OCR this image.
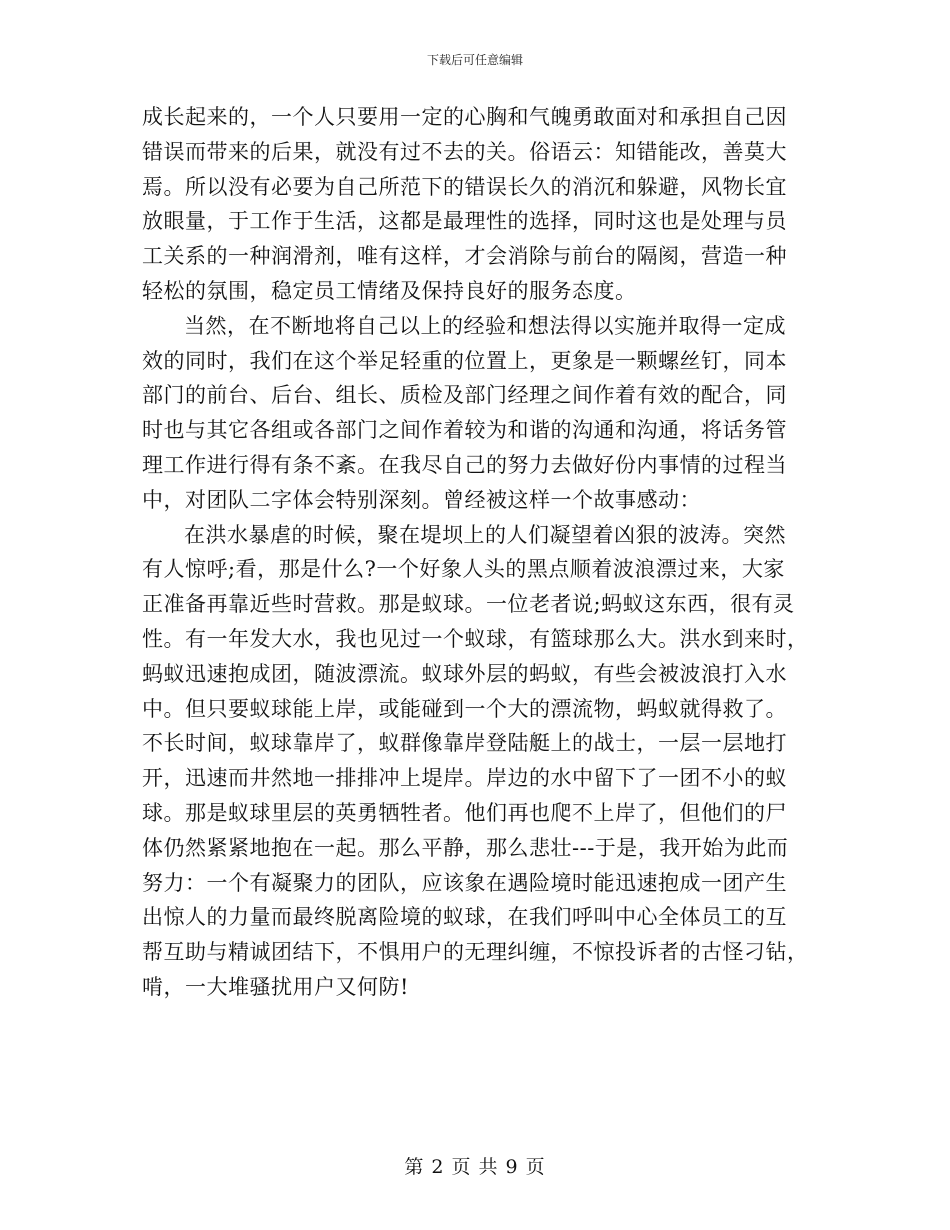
下载后可任意编辑
成长起来的，一个人只要用一定的心胸和气魄勇敢面对和承担自己因
错误而带来的后果，就没有过不去的关。俗语云：知错能改，善莫大
焉。所以没有必要为自己所范下的错误长久的消沉和躲避，风物长宜
放眼量，于工作于生活，这都是最理性的选择，同时这也是处理与员
工关系的一种润滑剂，唯有这样，才会消除与前台的隔阂，营造一种
轻松的氛围，稳定员工情绪及保持良好的服务态度。
当然，在不断地将自己以上的经验和想法得以实施并取得一定成
效的同时，我们在这个举足轻重的位置上，更象是一颗螺丝钉，同本
部门的前台、后台、组长、质检及部门经理之间作着有效的配合，同
时也与其它各组或各部门之间作着较为和谐的沟通和沟通，将话务管
理工作进行得有条不紊。在我尽自己的努力去做好份内事情的过程当
中，对团队二字体会特别深刻。曾经被这样一个故事感动：
在洪水暴虐的时候，聚在堤坝上的人们凝望着凶狠的波涛。突然
有人惊呼;看，那是什么?一个好象人头的黑点顺着波浪漂过来，大家
正准备再靠近些时营救。那是蚁球。一位老者说;蚂蚁这东西，很有灵
性。有一年发大水，我也见过一个蚁球，有篮球那么大。洪水到来时，
蚂蚁迅速抱成团，随波漂流。蚁球外层的蚂蚁，有些会被波浪打入水
中。但只要蚁球能上岸，或能碰到一个大的漂流物，蚂蚁就得救了。
不长时间，蚁球靠岸了，蚁群像靠岸登陆艇上的战士，一层一层地打
开，迅速而井然地一排排冲上堤岸。岸边的水中留下了一团不小的蚁
球。那是蚁球里层的英勇牺牲者。他们再也爬不上岸了，但他们的尸
体仍然紧紧地抱在一起。那么平静，那么悲壮---于是，我开始为此而
努力：一个有凝聚力的团队，应该象在遇险境时能迅速抱成一团产生
出惊人的力量而最终脱离险境的蚁球，在我们呼叫中心全体员工的互
帮互助与精诚团结下，不惧用户的无理纠缠，不惊投诉者的古怪刁钻，
啃，一大堆骚扰用户又何防!
第 2 页 共 9 页
